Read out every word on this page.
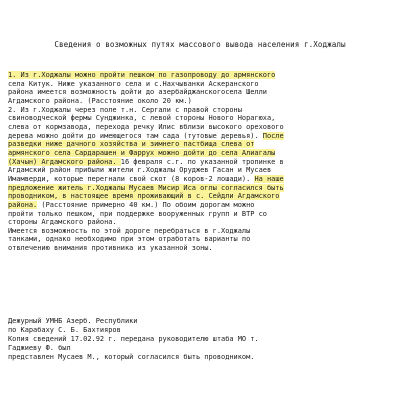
Сведения о возможных путях массового вывода населения г.Ходжалы
1. Из г.Ходжалы можно пройти пешком по газопроводу до армянского
села Китук. Ниже указанного села и с.Нахчыванки Аскеранского
района имеется возможность дойти до азербайджанскогосела Шелли
Агдамского района. (Расстояние около 20 км.)
2. Из г.Ходжалы через поле т.н. Сергали с правой стороны
свиноводческой фермы Сунджинка, с левой стороны Нового Норагюха,
слева от кормзавода, перехода речку Илис вблизи высокого орехового
дерева можно дойти до имеющегося там сада (тутовые деревья). После
разведки ниже дачного хозяйства и зимнего пастбища слева от
армянского села Сардарашен и Фаррух можно дойти до села Алиагалы
(Хачын) Агдамского района. 16 февраля с.г. по указанной тропинке в
Агдамский район прибыли жители г.Ходжалы Оруджев Гасан и Мусаев
Имамверди, которые перегнали свой скот (8 коров-2 лошади). На наше
предложение житель г.Ходжалы Мусаев Мисир Иса оглы согласился быть
проводником, в настоящее время проживающий в с. Сейдли Агдамского
района. (Расстояние примерно 40 км.) По обоим дорогам можно
пройти только пешком, при поддержке вооруженных групп и ВТР со
стороны Агдамского района.
Имеется возможность по этой дороге перебраться в г.Ходжалы
танками, однако необходимо при этом отработать варианты по
отвлечению внимания противника из указанной зоны.
Дежурный УМНБ Азерб. Республики
по Карабаху С. Б. Бахтияров
Копия сведений 17.02.92 г. передана руководителю штаба МО т.
Гаджиеву Ф. был
представлен Мусаев М., который согласился быть проводником.
